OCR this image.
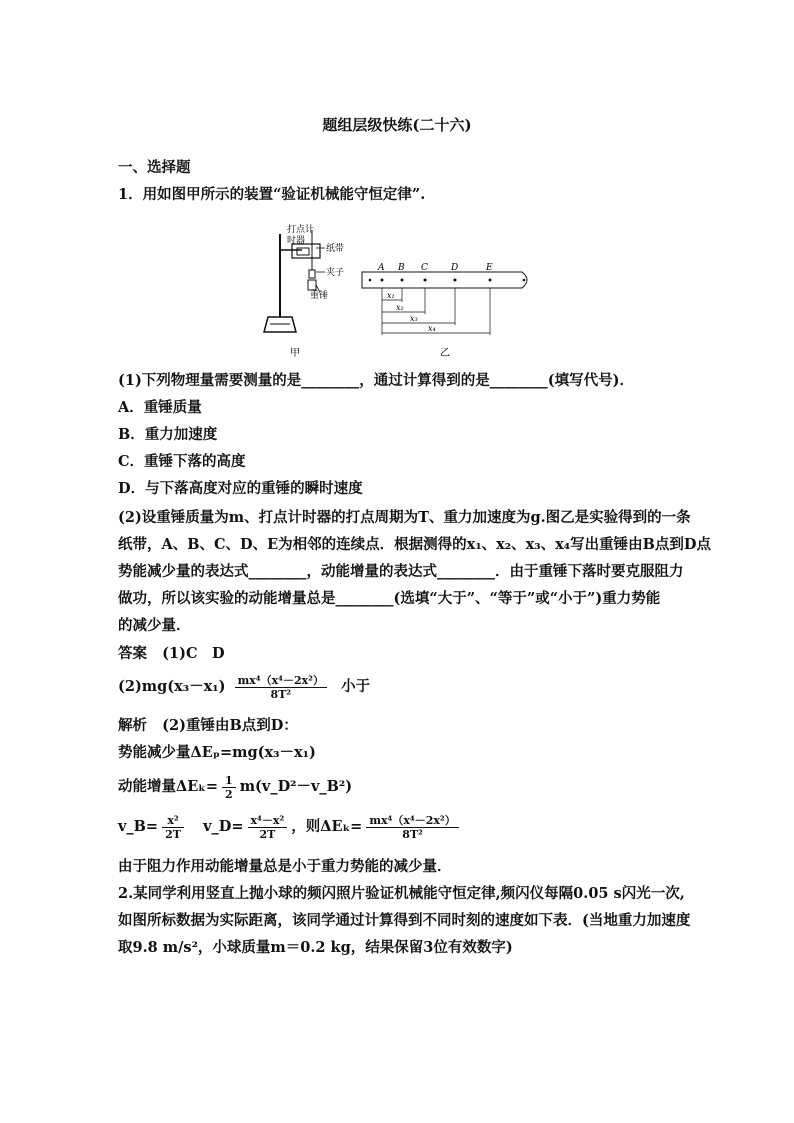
题组层级快练(二十六)
一、选择题
1．用如图甲所示的装置“验证机械能守恒定律”.
打点计
时器
纸带
夹子
重锤
甲
A B C	D	E
x₁
x₂
x₃
x₄
乙
(1)下列物理量需要测量的是________，通过计算得到的是________(填写代号)．
A．重锤质量
B．重力加速度
C．重锤下落的高度
D．与下落高度对应的重锤的瞬时速度
(2)设重锤质量为m、打点计时器的打点周期为T、重力加速度为g.图乙是实验得到的一条
纸带，A、B、C、D、E为相邻的连续点．根据测得的x₁、x₂、x₃、x₄写出重锤由B点到D点
势能减少量的表达式________，动能增量的表达式________．由于重锤下落时要克服阻力
做功，所以该实验的动能增量总是________(选填“大于”、“等于”或“小于”)重力势能
的减少量．
答案 (1)C　D
$(2)mg(x_3-x_1) \frac{\text{mx⁴（x⁴－2x²）}}{\text{8T²}}$ 小于
解析 (2)重锤由B点到D：
势能减少量ΔEₚ=mg(x₃－x₁)
动能增量$\Delta E_k= \frac{1}{2}$ m(v_D²－v_B²)
v_B= $\frac{\text{x²}}{2T}$ v_D= $\frac{\text{x⁴－x²}}{2T}$ ，则$\Delta E_k= \frac{\text{mx⁴（x⁴－2x²）}}{\text{8T²}}$
由于阻力作用动能增量总是小于重力势能的减少量．
2.某同学利用竖直上抛小球的频闪照片验证机械能守恒定律,频闪仪每隔0.05 s闪光一次,
如图所标数据为实际距离，该同学通过计算得到不同时刻的速度如下表．(当地重力加速度
取9.8 m/s²，小球质量m＝0.2 kg，结果保留3位有效数字)
